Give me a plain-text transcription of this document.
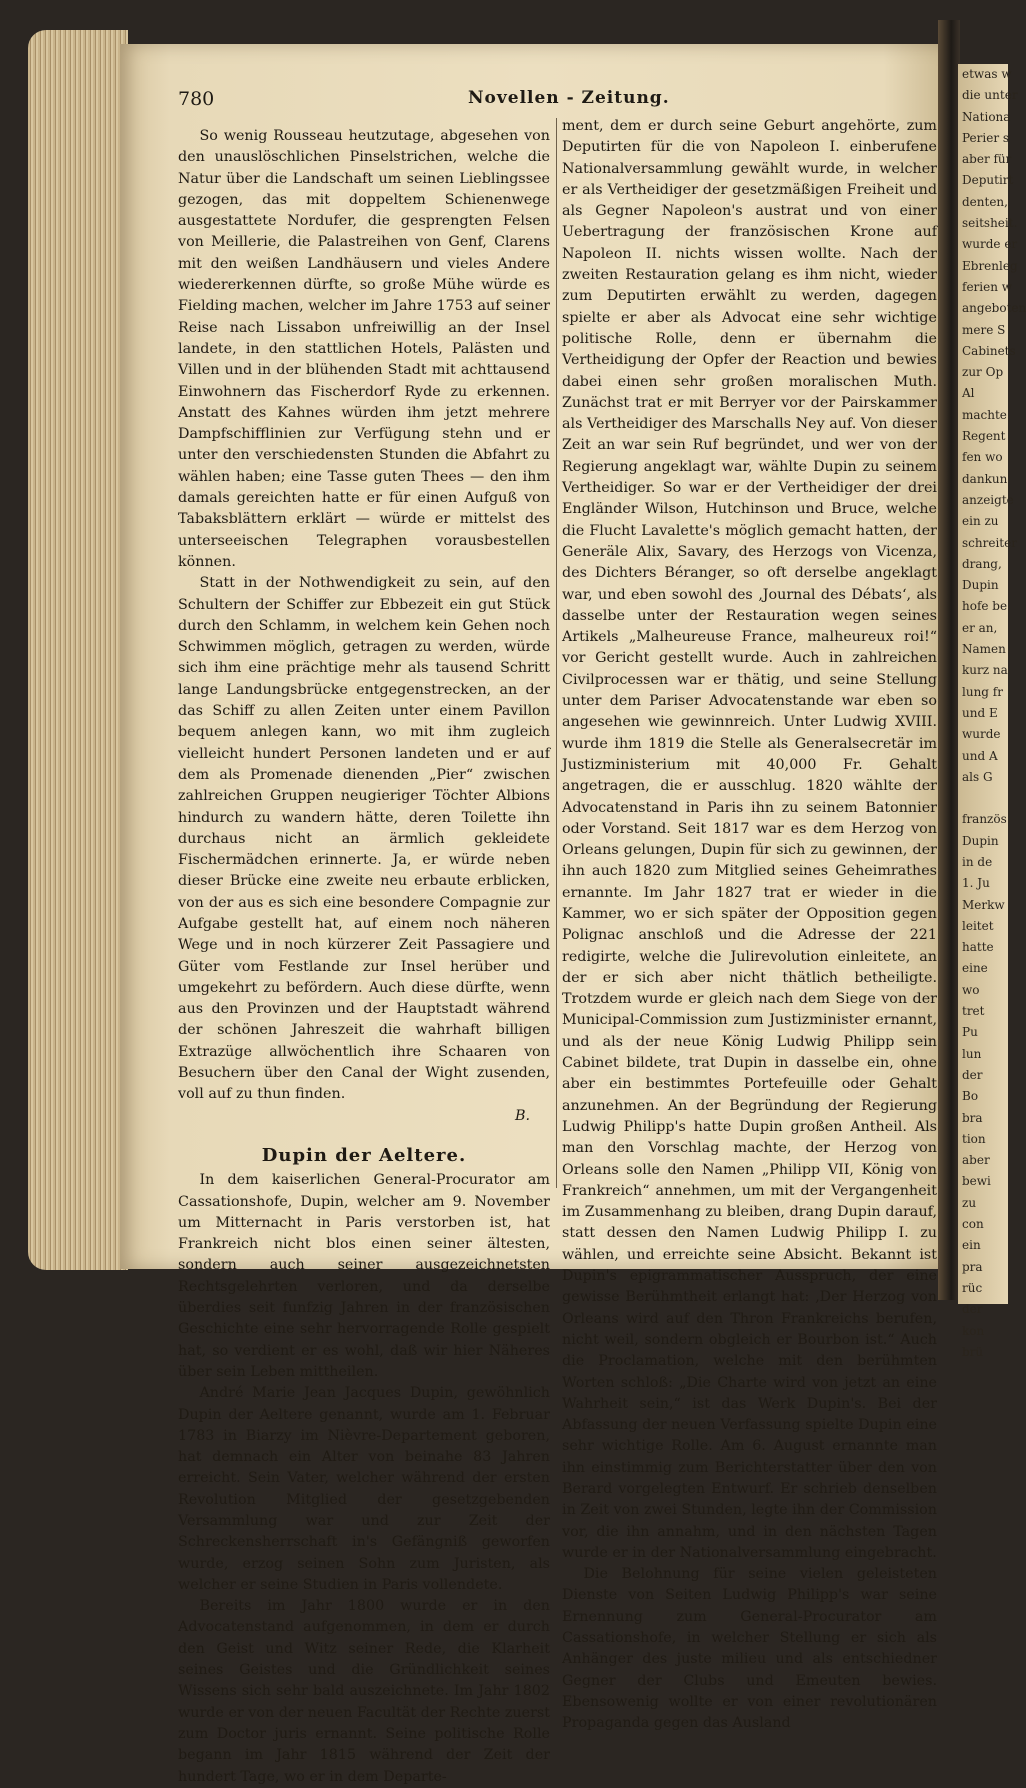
etwas w
die unter
Nationa
Perier s
aber für
Deputirt
denten,
seitsheit.
wurde er
Ebrenleg
ferien w
angeboten
mere S
Cabinets
zur Op
Al
machte
Regent
fen wo
dankun
anzeigte
ein zu
schreiter
drang,
Dupin
hofe be
er an,
Namen
kurz na
lung fr
und E
wurde
und A
als G
französ
Dupin
in de
1. Ju
Merkw
leitet
hatte
eine
wo
tret
Pu
lun
der
Bo
bra
tion
aber
bewi
zu
con
ein
pra
rüc
der
kon
brü
780	Novellen - Zeitung.

So wenig Rousseau heutzutage, abgesehen von den unauslöschlichen Pinselstrichen, welche die Natur über die Landschaft um seinen Lieblingssee gezogen, das mit doppeltem Schienenwege ausgestattete Nordufer, die gesprengten Felsen von Meillerie, die Palastreihen von Genf, Clarens mit den weißen Landhäusern und vieles Andere wiedererkennen dürfte, so große Mühe würde es Fielding machen, welcher im Jahre 1753 auf seiner Reise nach Lissabon unfreiwillig an der Insel landete, in den stattlichen Hotels, Palästen und Villen und in der blühenden Stadt mit achttausend Einwohnern das Fischerdorf Ryde zu erkennen. Anstatt des Kahnes würden ihm jetzt mehrere Dampfschifflinien zur Verfügung stehn und er unter den verschiedensten Stunden die Abfahrt zu wählen haben; eine Tasse guten Thees — den ihm damals gereichten hatte er für einen Aufguß von Tabaksblättern erklärt — würde er mittelst des unterseeischen Telegraphen vorausbestellen können.

Statt in der Nothwendigkeit zu sein, auf den Schultern der Schiffer zur Ebbezeit ein gut Stück durch den Schlamm, in welchem kein Gehen noch Schwimmen möglich, getragen zu werden, würde sich ihm eine prächtige mehr als tausend Schritt lange Landungsbrücke entgegenstrecken, an der das Schiff zu allen Zeiten unter einem Pavillon bequem anlegen kann, wo mit ihm zugleich vielleicht hundert Personen landeten und er auf dem als Promenade dienenden „Pier“ zwischen zahlreichen Gruppen neugieriger Töchter Albions hindurch zu wandern hätte, deren Toilette ihn durchaus nicht an ärmlich gekleidete Fischermädchen erinnerte. Ja, er würde neben dieser Brücke eine zweite neu erbaute erblicken, von der aus es sich eine besondere Compagnie zur Aufgabe gestellt hat, auf einem noch näheren Wege und in noch kürzerer Zeit Passagiere und Güter vom Festlande zur Insel herüber und umgekehrt zu befördern. Auch diese dürfte, wenn aus den Provinzen und der Hauptstadt während der schönen Jahreszeit die wahrhaft billigen Extrazüge allwöchentlich ihre Schaaren von Besuchern über den Canal der Wight zusenden, voll auf zu thun finden.

B.

Dupin der Aeltere.

In dem kaiserlichen General-Procurator am Cassationshofe, Dupin, welcher am 9. November um Mitternacht in Paris verstorben ist, hat Frankreich nicht blos einen seiner ältesten, sondern auch seiner ausgezeichnetsten Rechtsgelehrten verloren, und da derselbe überdies seit funfzig Jahren in der französischen Geschichte eine sehr hervorragende Rolle gespielt hat, so verdient er es wohl, daß wir hier Näheres über sein Leben mittheilen.

André Marie Jean Jacques Dupin, gewöhnlich Dupin der Aeltere genannt, wurde am 1. Februar 1783 in Biarzy im Nièvre-Departement geboren, hat demnach ein Alter von beinahe 83 Jahren erreicht. Sein Vater, welcher während der ersten Revolution Mitglied der gesetzgebenden Versammlung war und zur Zeit der Schreckensherrschaft in's Gefängniß geworfen wurde, erzog seinen Sohn zum Juristen, als welcher er seine Studien in Paris vollendete.

Bereits im Jahr 1800 wurde er in den Advocatenstand aufgenommen, in dem er durch den Geist und Witz seiner Rede, die Klarheit seines Geistes und die Gründlichkeit seines Wissens sich sehr bald auszeichnete. Im Jahr 1802 wurde er von der neuen Facultät der Rechte zuerst zum Doctor juris ernannt. Seine politische Rolle begann im Jahr 1815 während der Zeit der hundert Tage, wo er in dem Departe-

ment, dem er durch seine Geburt angehörte, zum Deputirten für die von Napoleon I. einberufene Nationalversammlung gewählt wurde, in welcher er als Vertheidiger der gesetzmäßigen Freiheit und als Gegner Napoleon's austrat und von einer Uebertragung der französischen Krone auf Napoleon II. nichts wissen wollte. Nach der zweiten Restauration gelang es ihm nicht, wieder zum Deputirten erwählt zu werden, dagegen spielte er aber als Advocat eine sehr wichtige politische Rolle, denn er übernahm die Vertheidigung der Opfer der Reaction und bewies dabei einen sehr großen moralischen Muth. Zunächst trat er mit Berryer vor der Pairskammer als Vertheidiger des Marschalls Ney auf. Von dieser Zeit an war sein Ruf begründet, und wer von der Regierung angeklagt war, wählte Dupin zu seinem Vertheidiger. So war er der Vertheidiger der drei Engländer Wilson, Hutchinson und Bruce, welche die Flucht Lavalette's möglich gemacht hatten, der Generäle Alix, Savary, des Herzogs von Vicenza, des Dichters Béranger, so oft derselbe angeklagt war, und eben sowohl des ‚Journal des Débats‘, als dasselbe unter der Restauration wegen seines Artikels „Malheureuse France, malheureux roi!“ vor Gericht gestellt wurde. Auch in zahlreichen Civilprocessen war er thätig, und seine Stellung unter dem Pariser Advocatenstande war eben so angesehen wie gewinnreich. Unter Ludwig XVIII. wurde ihm 1819 die Stelle als Generalsecretär im Justizministerium mit 40,000 Fr. Gehalt angetragen, die er ausschlug. 1820 wählte der Advocatenstand in Paris ihn zu seinem Batonnier oder Vorstand. Seit 1817 war es dem Herzog von Orleans gelungen, Dupin für sich zu gewinnen, der ihn auch 1820 zum Mitglied seines Geheimrathes ernannte. Im Jahr 1827 trat er wieder in die Kammer, wo er sich später der Opposition gegen Polignac anschloß und die Adresse der 221 redigirte, welche die Julirevolution einleitete, an der er sich aber nicht thätlich betheiligte. Trotzdem wurde er gleich nach dem Siege von der Municipal-Commission zum Justizminister ernannt, und als der neue König Ludwig Philipp sein Cabinet bildete, trat Dupin in dasselbe ein, ohne aber ein bestimmtes Portefeuille oder Gehalt anzunehmen. An der Begründung der Regierung Ludwig Philipp's hatte Dupin großen Antheil. Als man den Vorschlag machte, der Herzog von Orleans solle den Namen „Philipp VII, König von Frankreich“ annehmen, um mit der Vergangenheit im Zusammenhang zu bleiben, drang Dupin darauf, statt dessen den Namen Ludwig Philipp I. zu wählen, und erreichte seine Absicht. Bekannt ist Dupin's epigrammatischer Ausspruch, der eine gewisse Berühmtheit erlangt hat: ‚Der Herzog von Orleans wird auf den Thron Frankreichs berufen, nicht weil, sondern obgleich er Bourbon ist.“ Auch die Proclamation, welche mit den berühmten Worten schloß: „Die Charte wird von jetzt an eine Wahrheit sein,“ ist das Werk Dupin's. Bei der Abfassung der neuen Verfassung spielte Dupin eine sehr wichtige Rolle. Am 6. August ernannte man ihn einstimmig zum Berichterstatter über den von Berard vorgelegten Entwurf. Er schrieb denselben in Zeit von zwei Stunden, legte ihn der Commission vor, die ihn annahm, und in den nächsten Tagen wurde er in der Nationalversammlung eingebracht.

Die Belohnung für seine vielen geleisteten Dienste von Seiten Ludwig Philipp's war seine Ernennung zum General-Procurator am Cassationshofe, in welcher Stellung er sich als Anhänger des juste milieu und als entschiedner Gegner der Clubs und Emeuten bewies. Ebensowenig wollte er von einer revolutionären Propaganda gegen das Ausland
